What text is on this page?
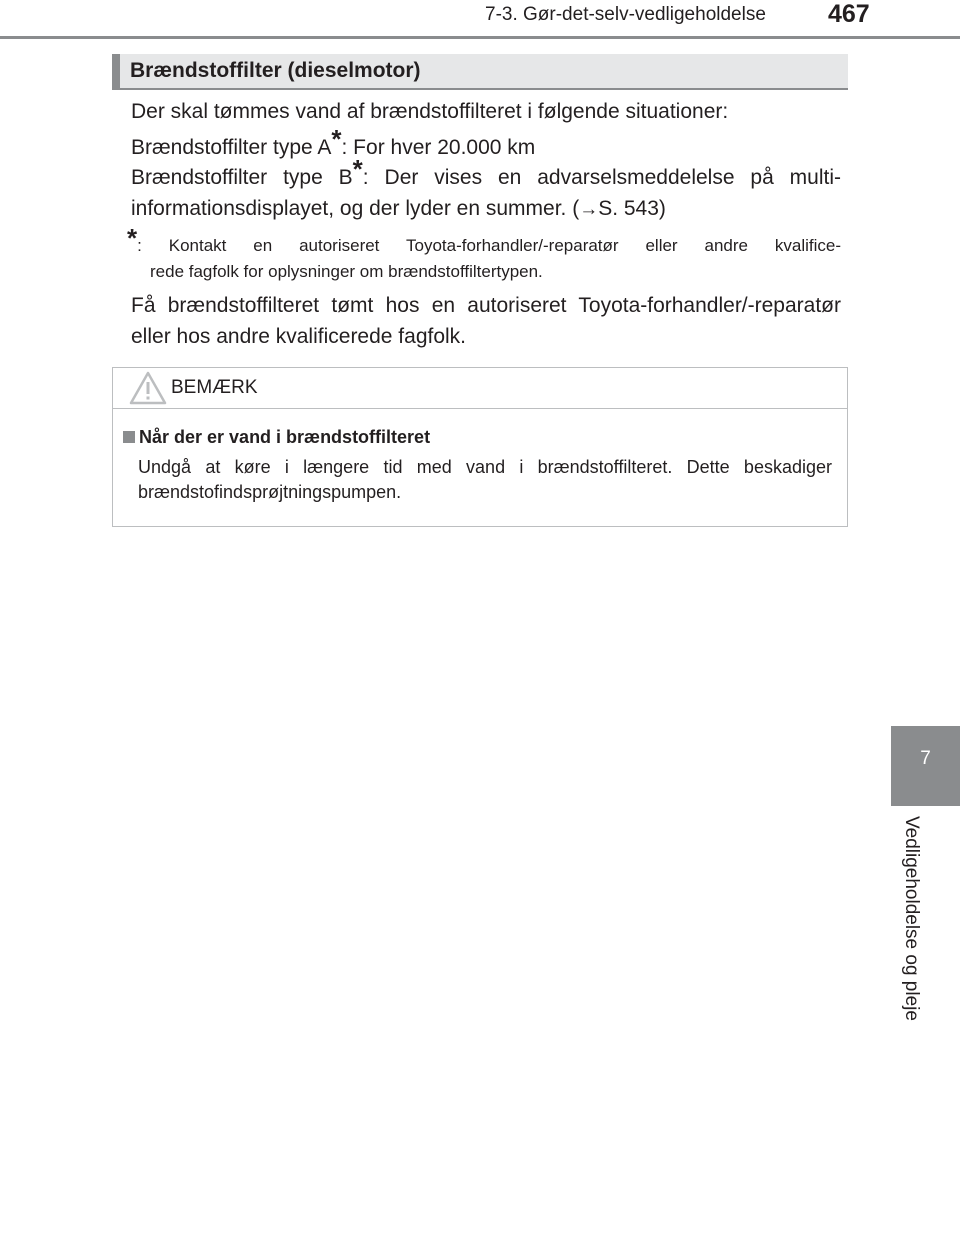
7-3. Gør-det-selv-vedligeholdelse 467
7
Vedligeholdelse og pleje
Brændstoffilter (dieselmotor)
Der skal tømmes vand af brændstoffilteret i følgende situationer:
Brændstoffilter type A*: For hver 20.000 km
Brændstoffilter type B*: Der vises en advarselsmeddelelse på multi-informationsdisplayet, og der lyder en summer. (→S. 543)
*: Kontakt en autoriseret Toyota-forhandler/-reparatør eller andre kvalifice-
rede fagfolk for oplysninger om brændstoffiltertypen.
Få brændstoffilteret tømt hos en autoriseret Toyota-forhandler/-reparatør eller hos andre kvalificerede fagfolk.
BEMÆRK
Når der er vand i brændstoffilteret
Undgå at køre i længere tid med vand i brændstoffilteret. Dette beskadiger brændstofindsprøjtningspumpen.
